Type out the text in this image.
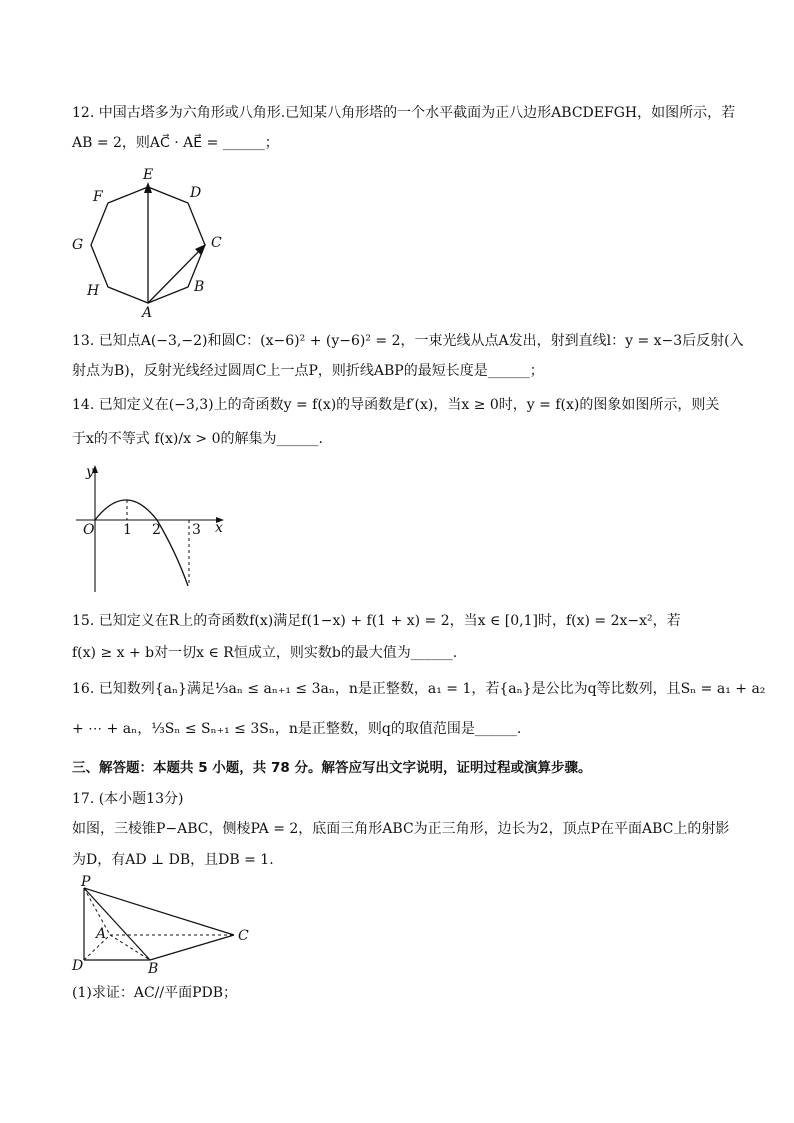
12. 中国古塔多为六角形或八角形.已知某八角形塔的一个水平截面为正八边形ABCDEFGH，如图所示，若
AB = 2，则AC⃗ · AE⃗ = ______；
A
B
C
D
E
F
G
H
13. 已知点A(−3,−2)和圆C：(x−6)² + (y−6)² = 2，一束光线从点A发出，射到直线l：y = x−3后反射(入
射点为B)，反射光线经过圆周C上一点P，则折线ABP的最短长度是______；
14. 已知定义在(−3,3)上的奇函数y = f(x)的导函数是f′(x)，当x ≥ 0时，y = f(x)的图象如图所示，则关
于x的不等式 f(x)/x > 0的解集为______.
y
x
O 1 2 3
15. 已知定义在R上的奇函数f(x)满足f(1−x) + f(1 + x) = 2，当x ∈ [0,1]时，f(x) = 2x−x²，若
f(x) ≥ x + b对一切x ∈ R恒成立，则实数b的最大值为______.
16. 已知数列{aₙ}满足⅓aₙ ≤ aₙ₊₁ ≤ 3aₙ，n是正整数，a₁ = 1，若{aₙ}是公比为q等比数列，且Sₙ = a₁ + a₂
+ ⋯ + aₙ，⅓Sₙ ≤ Sₙ₊₁ ≤ 3Sₙ，n是正整数，则q的取值范围是______.
三、解答题：本题共 5 小题，共 78 分。解答应写出文字说明，证明过程或演算步骤。
17. (本小题13分)
如图，三棱锥P−ABC，侧棱PA = 2，底面三角形ABC为正三角形，边长为2，顶点P在平面ABC上的射影
为D，有AD ⊥ DB，且DB = 1.
P
A
B
C
D
(1)求证：AC//平面PDB；
